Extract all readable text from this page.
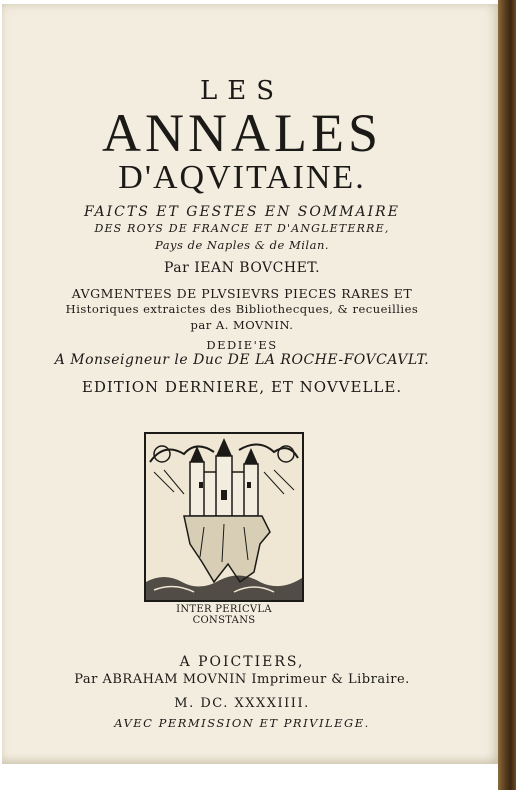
LES
ANNALES
D'AQVITAINE.
FAICTS ET GESTES EN SOMMAIRE
DES ROYS DE FRANCE ET D'ANGLETERRE,
Pays de Naples & de Milan.
Par IEAN BOVCHET.
AVGMENTEES DE PLVSIEVRS PIECES RARES ET
Historiques extraictes des Bibliothecques, & recueillies
par A. MOVNIN.
DEDIE'ES
A Monseigneur le Duc DE LA ROCHE-FOVCAVLT.
EDITION DERNIERE, ET NOVVELLE.
INTER PERICVLA CONSTANS
A POICTIERS,
Par ABRAHAM MOVNIN Imprimeur & Libraire.
M. DC. XXXXIIII.
AVEC PERMISSION ET PRIVILEGE.
